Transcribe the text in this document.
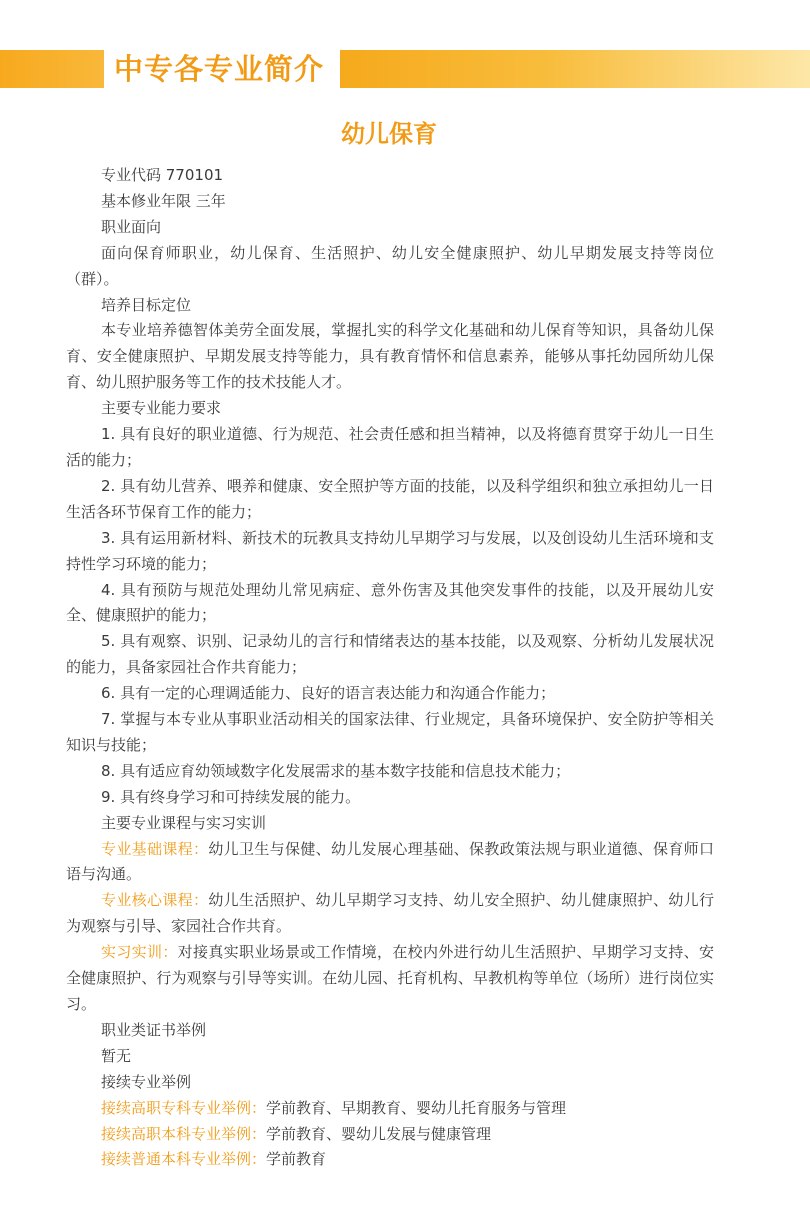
中专各专业简介
幼儿保育

专业代码 770101

基本修业年限 三年

职业面向

面向保育师职业，幼儿保育、生活照护、幼儿安全健康照护、幼儿早期发展支持等岗位（群）。

培养目标定位

本专业培养德智体美劳全面发展，掌握扎实的科学文化基础和幼儿保育等知识，具备幼儿保育、安全健康照护、早期发展支持等能力，具有教育情怀和信息素养，能够从事托幼园所幼儿保育、幼儿照护服务等工作的技术技能人才。

主要专业能力要求

1. 具有良好的职业道德、行为规范、社会责任感和担当精神，以及将德育贯穿于幼儿一日生活的能力；

2. 具有幼儿营养、喂养和健康、安全照护等方面的技能，以及科学组织和独立承担幼儿一日生活各环节保育工作的能力；

3. 具有运用新材料、新技术的玩教具支持幼儿早期学习与发展，以及创设幼儿生活环境和支持性学习环境的能力；

4. 具有预防与规范处理幼儿常见病症、意外伤害及其他突发事件的技能，以及开展幼儿安全、健康照护的能力；

5. 具有观察、识别、记录幼儿的言行和情绪表达的基本技能，以及观察、分析幼儿发展状况的能力，具备家园社合作共育能力；

6. 具有一定的心理调适能力、良好的语言表达能力和沟通合作能力；

7. 掌握与本专业从事职业活动相关的国家法律、行业规定，具备环境保护、安全防护等相关知识与技能；

8. 具有适应育幼领域数字化发展需求的基本数字技能和信息技术能力；

9. 具有终身学习和可持续发展的能力。

主要专业课程与实习实训

专业基础课程：幼儿卫生与保健、幼儿发展心理基础、保教政策法规与职业道德、保育师口语与沟通。

专业核心课程：幼儿生活照护、幼儿早期学习支持、幼儿安全照护、幼儿健康照护、幼儿行为观察与引导、家园社合作共育。

实习实训：对接真实职业场景或工作情境，在校内外进行幼儿生活照护、早期学习支持、安全健康照护、行为观察与引导等实训。在幼儿园、托育机构、早教机构等单位（场所）进行岗位实习。

职业类证书举例

暂无

接续专业举例

接续高职专科专业举例：学前教育、早期教育、婴幼儿托育服务与管理

接续高职本科专业举例：学前教育、婴幼儿发展与健康管理

接续普通本科专业举例：学前教育
